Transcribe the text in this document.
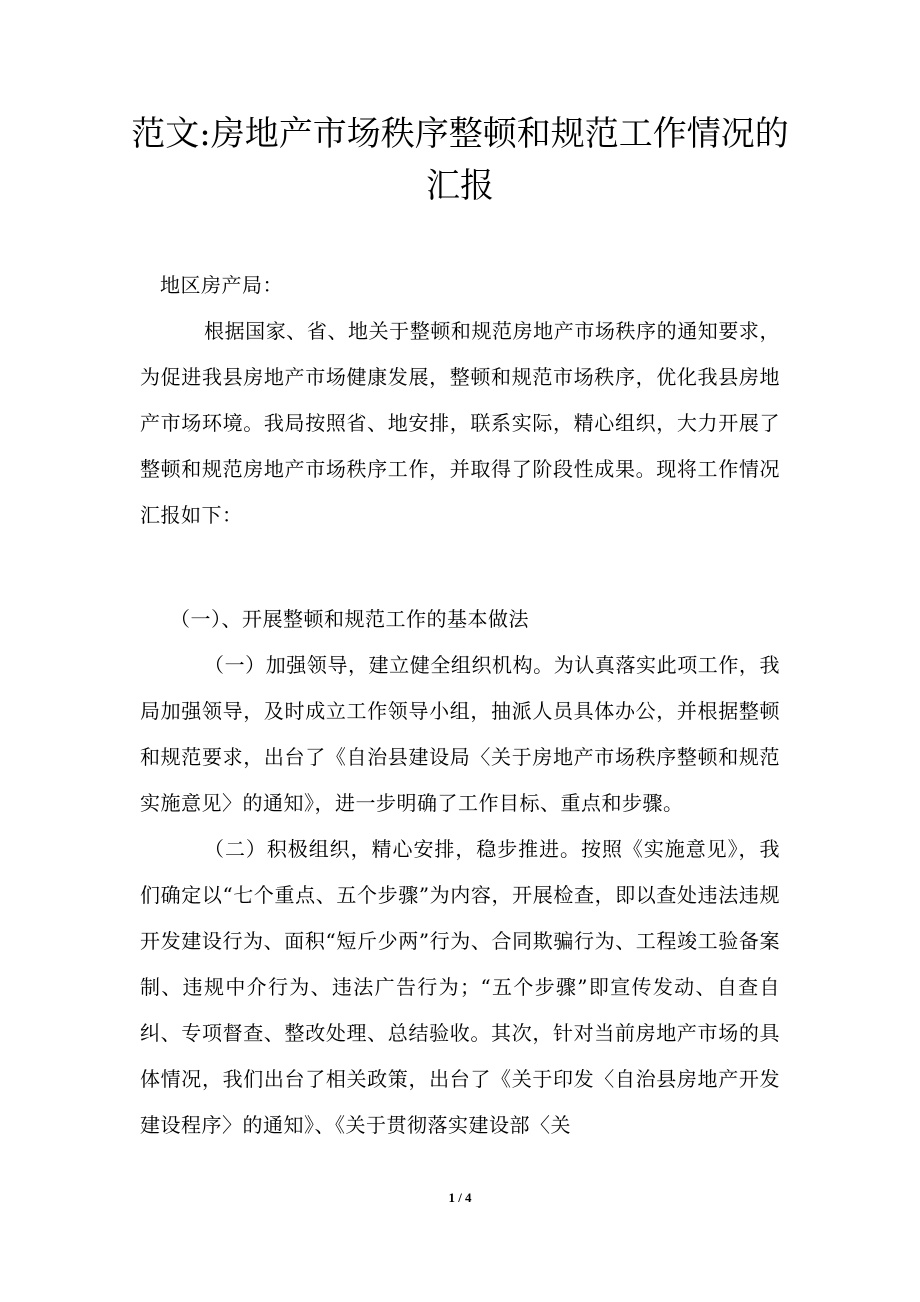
范文:房地产市场秩序整顿和规范工作情况的汇报

地区房产局：

根据国家、省、地关于整顿和规范房地产市场秩序的通知要求，为促进我县房地产市场健康发展，整顿和规范市场秩序，优化我县房地产市场环境。我局按照省、地安排，联系实际，精心组织，大力开展了整顿和规范房地产市场秩序工作，并取得了阶段性成果。现将工作情况汇报如下：

（一）、开展整顿和规范工作的基本做法

（一）加强领导，建立健全组织机构。为认真落实此项工作，我局加强领导，及时成立工作领导小组，抽派人员具体办公，并根据整顿和规范要求，出台了《自治县建设局〈关于房地产市场秩序整顿和规范实施意见〉的通知》，进一步明确了工作目标、重点和步骤。

（二）积极组织，精心安排，稳步推进。按照《实施意见》，我们确定以“七个重点、五个步骤”为内容，开展检查，即以查处违法违规开发建设行为、面积“短斤少两”行为、合同欺骗行为、工程竣工验备案制、违规中介行为、违法广告行为；“五个步骤”即宣传发动、自查自纠、专项督查、整改处理、总结验收。其次，针对当前房地产市场的具体情况，我们出台了相关政策，出台了《关于印发〈自治县房地产开发建设程序〉的通知》、《关于贯彻落实建设部〈关

1 / 4
